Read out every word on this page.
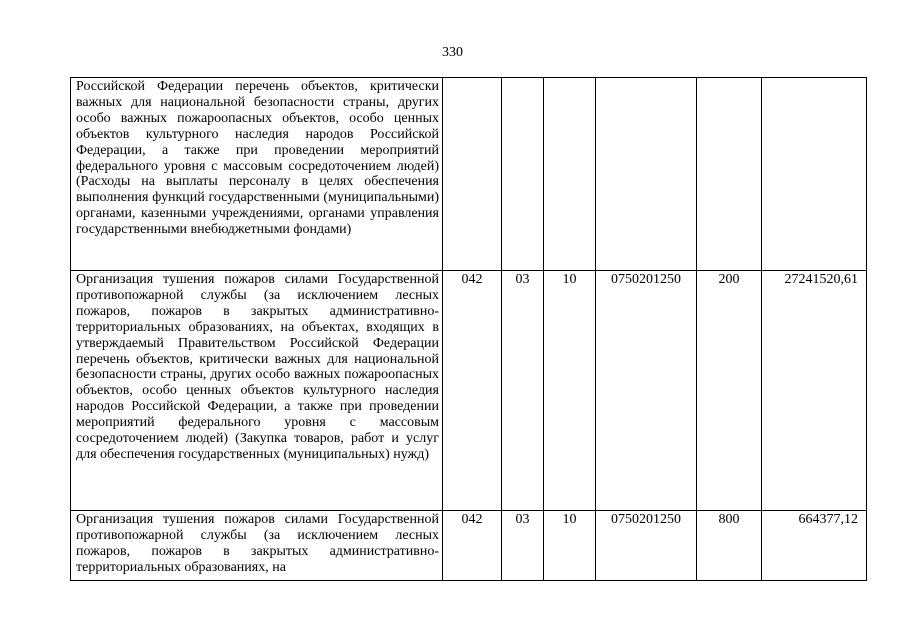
330
Российской Федерации перечень объектов, критически важных для национальной безопасности страны, других особо важных пожароопасных объектов, особо ценных объектов культурного наследия народов Российской Федерации, а также при проведении мероприятий федерального уровня с массовым сосредоточением людей) (Расходы на выплаты персоналу в целях обеспечения выполнения функций государственными (муниципальными) органами, казенными учреждениями, органами управления государственными внебюджетными фондами)						
Организация тушения пожаров силами Государственной противопожарной службы (за исключением лесных пожаров, пожаров в закрытых административно-территориальных образованиях, на объектах, входящих в утверждаемый Правительством Российской Федерации перечень объектов, критически важных для национальной безопасности страны, других особо важных пожароопасных объектов, особо ценных объектов культурного наследия народов Российской Федерации, а также при проведении мероприятий федерального уровня с массовым сосредоточением людей) (Закупка товаров, работ и услуг для обеспечения государственных (муниципальных) нужд)	042	03	10	0750201250	200	27241520,61
Организация тушения пожаров силами Государственной противопожарной службы (за исключением лесных пожаров, пожаров в закрытых административно-территориальных образованиях, на	042	03	10	0750201250	800	664377,12
